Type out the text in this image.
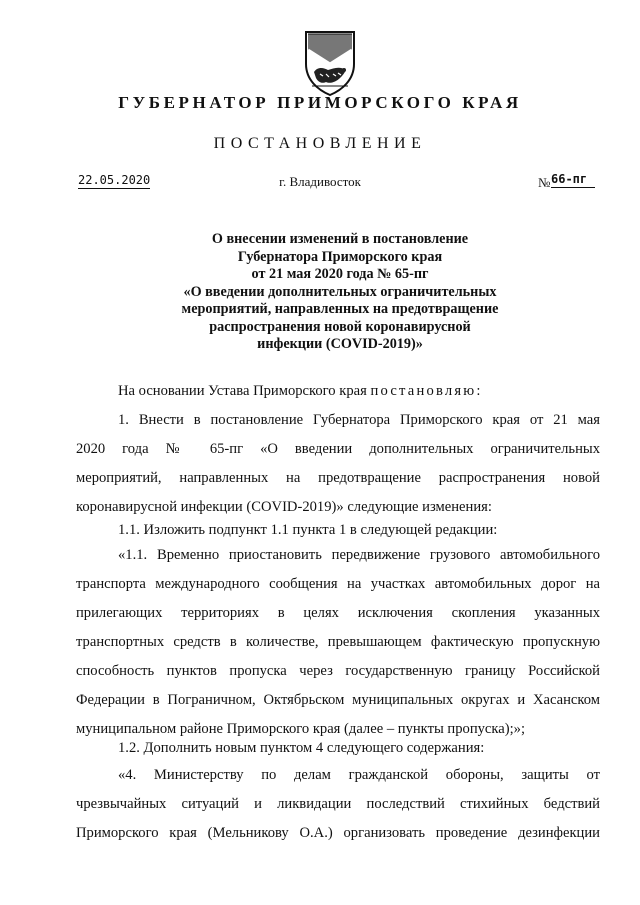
ГУБЕРНАТОР ПРИМОРСКОГО КРАЯ
ПОСТАНОВЛЕНИЕ
22.05.2020	г. Владивосток	№ 66-пг
О внесении изменений в постановление
Губернатора Приморского края
от 21 мая 2020 года № 65-пг
«О введении дополнительных ограничительных
мероприятий, направленных на предотвращение
распространения новой коронавирусной
инфекции (COVID-2019)»
На основании Устава Приморского края постановляю:
1. Внести в постановление Губернатора Приморского края от 21 мая
2020 года № 65-пг «О введении дополнительных ограничительных
мероприятий, направленных на предотвращение распространения новой
коронавирусной инфекции (COVID-2019)» следующие изменения:
1.1. Изложить подпункт 1.1 пункта 1 в следующей редакции:
«1.1. Временно приостановить передвижение грузового автомобильного
транспорта международного сообщения на участках автомобильных дорог на
прилегающих территориях в целях исключения скопления указанных
транспортных средств в количестве, превышающем фактическую пропускную
способность пунктов пропуска через государственную границу Российской
Федерации в Пограничном, Октябрьском муниципальных округах и Хасанском
муниципальном районе Приморского края (далее – пункты пропуска);»;
1.2. Дополнить новым пунктом 4 следующего содержания:
«4. Министерству по делам гражданской обороны, защиты от
чрезвычайных ситуаций и ликвидации последствий стихийных бедствий
Приморского края (Мельникову О.А.) организовать проведение дезинфекции
